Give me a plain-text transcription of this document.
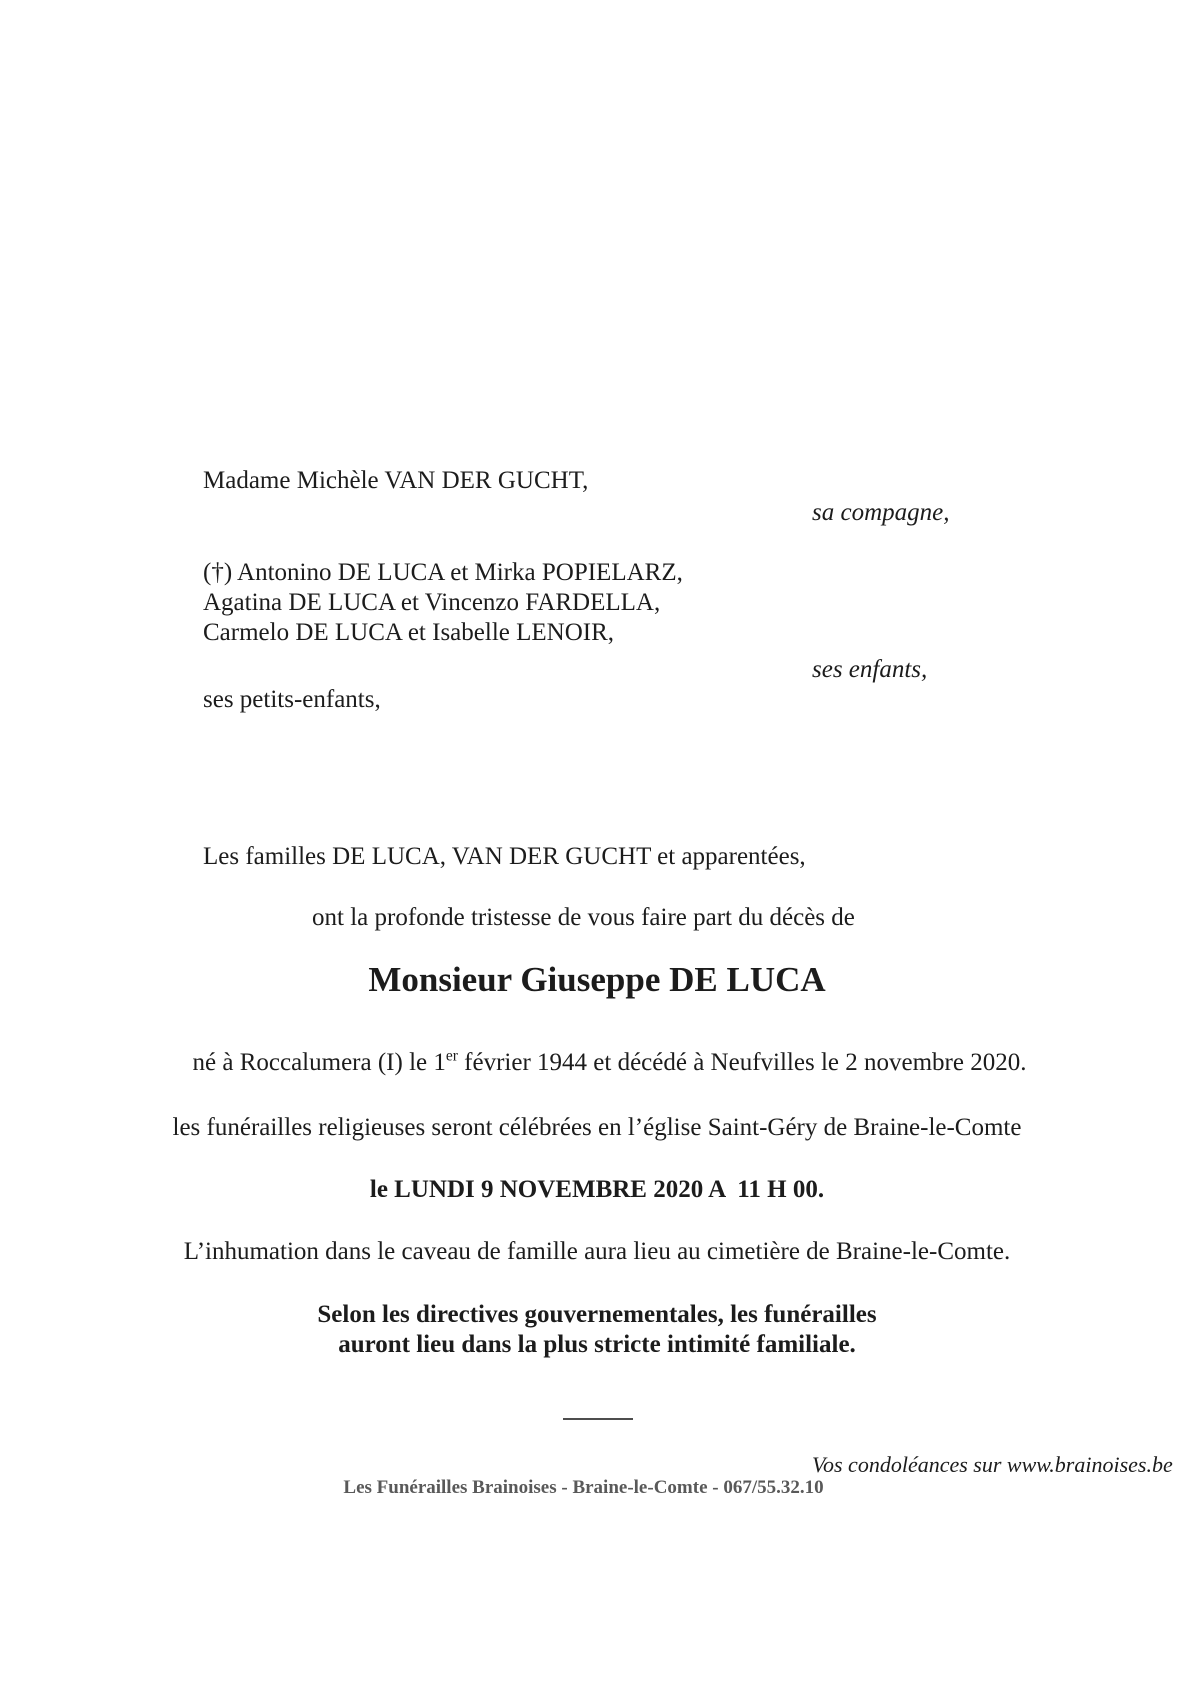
Madame Michèle VAN DER GUCHT,
sa compagne,
(†) Antonino DE LUCA et Mirka POPIELARZ,
Agatina DE LUCA et Vincenzo FARDELLA,
Carmelo DE LUCA et Isabelle LENOIR,
ses enfants,
ses petits-enfants,
Les familles DE LUCA, VAN DER GUCHT et apparentées,
ont la profonde tristesse de vous faire part du décès de
Monsieur Giuseppe DE LUCA

né à Roccalumera (I) le 1er février 1944 et décédé à Neufvilles le 2 novembre 2020.

les funérailles religieuses seront célébrées en l’église Saint-Géry de Braine-le-Comte
le LUNDI 9 NOVEMBRE 2020 A  11 H 00.
L’inhumation dans le caveau de famille aura lieu au cimetière de Braine-le-Comte.
Selon les directives gouvernementales, les funérailles
auront lieu dans la plus stricte intimité familiale.
Vos condoléances sur www.brainoises.be
Les Funérailles Brainoises - Braine-le-Comte - 067/55.32.10
